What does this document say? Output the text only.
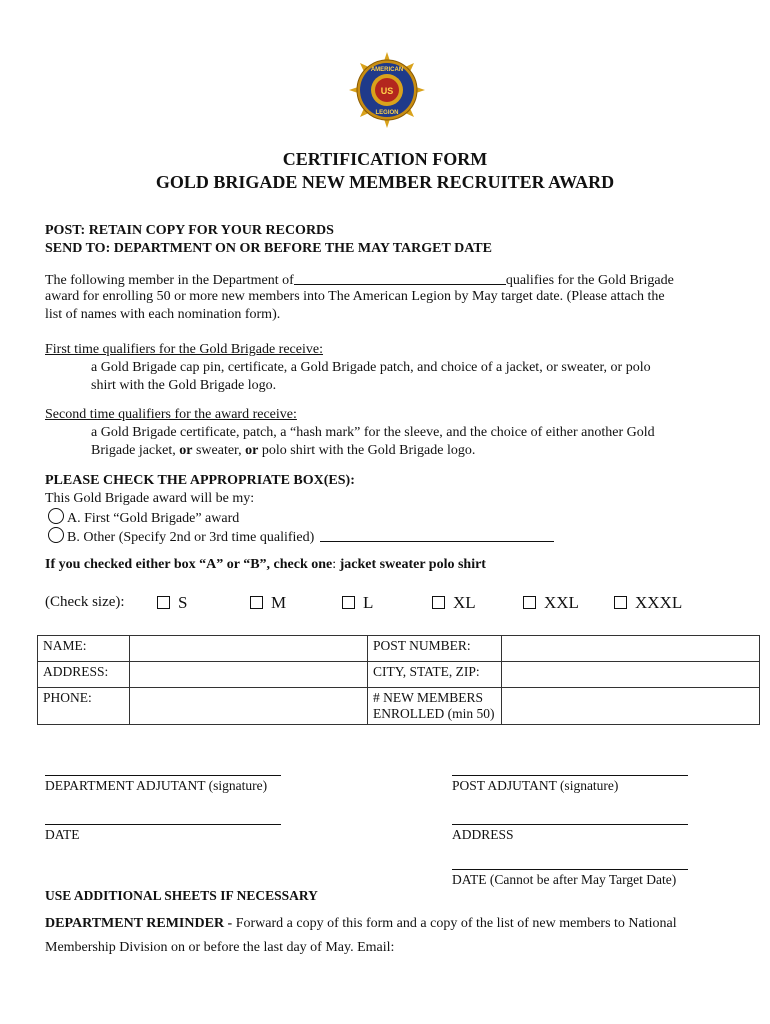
US
AMERICAN
LEGION
CERTIFICATION FORM
GOLD BRIGADE NEW MEMBER RECRUITER AWARD
POST: RETAIN COPY FOR YOUR RECORDS
SEND TO: DEPARTMENT ON OR BEFORE THE MAY TARGET DATE
The following member in the Department of	qualifies for the Gold Brigade
award for enrolling 50 or more new members into The American Legion by May target date. (Please attach the
list of names with each nomination form).
First time qualifiers for the Gold Brigade receive:
a Gold Brigade cap pin, certificate, a Gold Brigade patch, and choice of a jacket, or sweater, or polo
shirt with the Gold Brigade logo.
Second time qualifiers for the award receive:
a Gold Brigade certificate, patch, a “hash mark” for the sleeve, and the choice of either another Gold
Brigade jacket, or sweater, or polo shirt with the Gold Brigade logo.
PLEASE CHECK THE APPROPRIATE BOX(ES):
This Gold Brigade award will be my:
A. First “Gold Brigade” award
B. Other (Specify 2nd or 3rd time qualified)
If you checked either box “A” or “B”, check one: jacket sweater polo shirt
(Check size):	S	M	L	XL	XXL	XXXL
NAME:		POST NUMBER:	
ADDRESS:		CITY, STATE, ZIP:	
PHONE:		# NEW MEMBERS
ENROLLED (min 50)	
DEPARTMENT ADJUTANT (signature)	POST ADJUTANT (signature)
DATE	ADDRESS
DATE (Cannot be after May Target Date)
USE ADDITIONAL SHEETS IF NECESSARY
DEPARTMENT REMINDER - Forward a copy of this form and a copy of the list of new members to National
Membership Division on or before the last day of May. Email:
